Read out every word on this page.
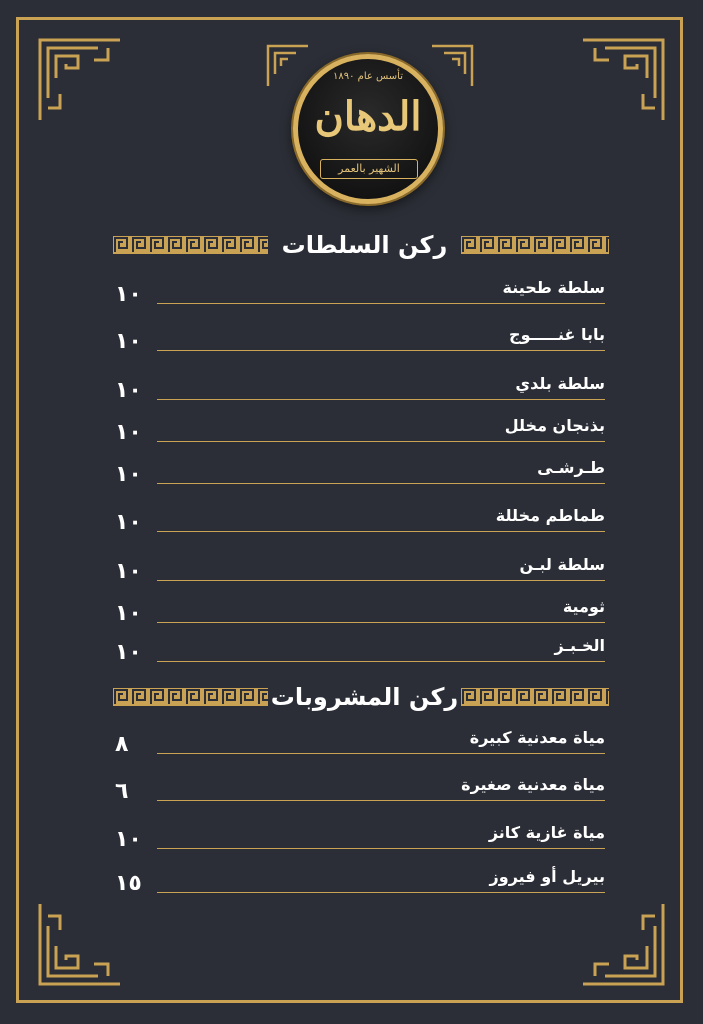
تأسس عام ١٨٩٠
الدهان
الشهير بالعمر
ركن السلطات
سلطة طحينة
١٠
بابا غنـــــوج
١٠
سلطة بلدي
١٠
بذنجان مخلل
١٠
طـرشـى
١٠
طماطم مخللة
١٠
سلطة لبـن
١٠
ثومية
١٠
الخـبـز
١٠
ركن المشروبات
مياة معدنية كبيرة
٨
مياة معدنية صغيرة
٦
مياة غازية كانز
١٠
بيريل أو فيروز
١٥
